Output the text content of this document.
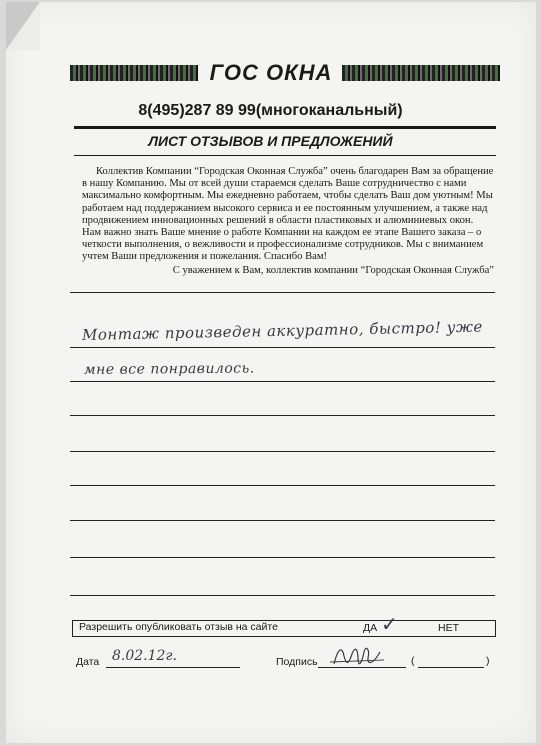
ГОС ОКНА
8(495)287 89 99(многоканальный)
ЛИСТ ОТЗЫВОВ И ПРЕДЛОЖЕНИЙ

Коллектив Компании “Городская Оконная Служба” очень благодарен Вам за обращение в нашу Компанию. Мы от всей души стараемся сделать Ваше сотрудничество с нами максимально комфортным. Мы ежедневно работаем, чтобы сделать Ваш дом уютным! Мы работаем над поддержанием высокого сервиса и ее постоянным улучшением, а также над продвижением инновационных решений в области пластиковых и алюминиевых окон. Нам важно знать Ваше мнение о работе Компании на каждом ее этапе Вашего заказа – о четкости выполнения, о вежливости и профессионализме сотрудников. Мы с вниманием учтем Ваши предложения и пожелания. Спасибо Вам!

С уважением к Вам, коллектив компании “Городская Оконная Служба”
Монтаж произведен аккуратно, быстро! уже
мне все понравилось.
Разрешить опубликовать отзыв на сайте	ДА ✓	НЕТ
Дата 8.02.12г.	Подпись	(	)
